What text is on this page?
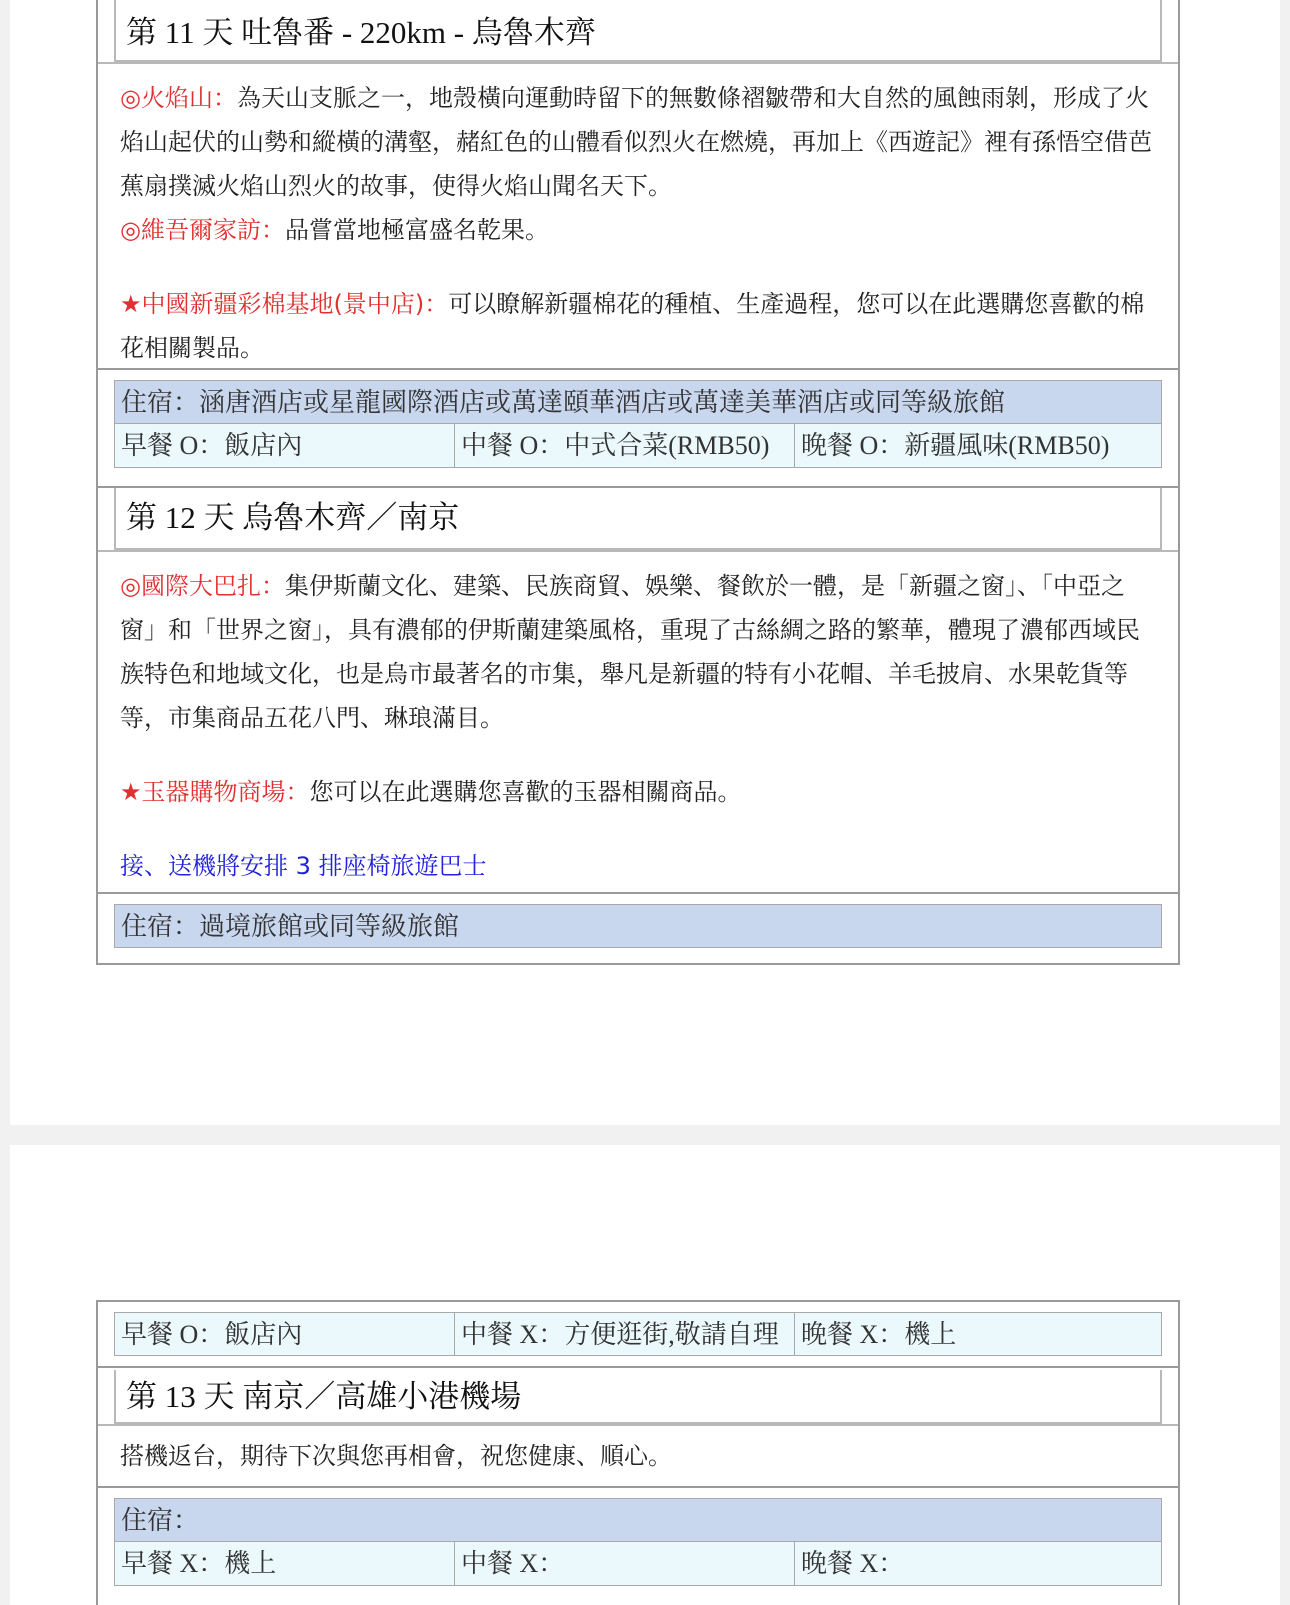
第 11 天 吐魯番 - 220km - 烏魯木齊

◎火焰山：為天山支脈之一，地殼橫向運動時留下的無數條褶皺帶和大自然的風蝕雨剝，形成了火焰山起伏的山勢和縱橫的溝壑，赭紅色的山體看似烈火在燃燒，再加上《西遊記》裡有孫悟空借芭蕉扇撲滅火焰山烈火的故事，使得火焰山聞名天下。

◎維吾爾家訪：品嘗當地極富盛名乾果。

★中國新疆彩棉基地(景中店)：可以瞭解新疆棉花的種植、生產過程，您可以在此選購您喜歡的棉花相關製品。

住宿：涵唐酒店或星龍國際酒店或萬達頤華酒店或萬達美華酒店或同等級旅館
早餐 O：飯店內	中餐 O：中式合菜(RMB50)	晚餐 O：新疆風味(RMB50)
第 12 天 烏魯木齊／南京

◎國際大巴扎：集伊斯蘭文化、建築、民族商貿、娛樂、餐飲於一體，是「新疆之窗」、「中亞之窗」和「世界之窗」，具有濃郁的伊斯蘭建築風格，重現了古絲綢之路的繁華，體現了濃郁西域民族特色和地域文化，也是烏市最著名的市集，舉凡是新疆的特有小花帽、羊毛披肩、水果乾貨等等，市集商品五花八門、琳琅滿目。

★玉器購物商場：您可以在此選購您喜歡的玉器相關商品。

接、送機將安排 3 排座椅旅遊巴士

住宿：過境旅館或同等級旅館
早餐 O：飯店內	中餐 X：方便逛街,敬請自理 晚餐 X：機上
第 13 天 南京／高雄小港機場

搭機返台，期待下次與您再相會，祝您健康、順心。

住宿：
早餐 X：機上	中餐 X：	晚餐 X：
